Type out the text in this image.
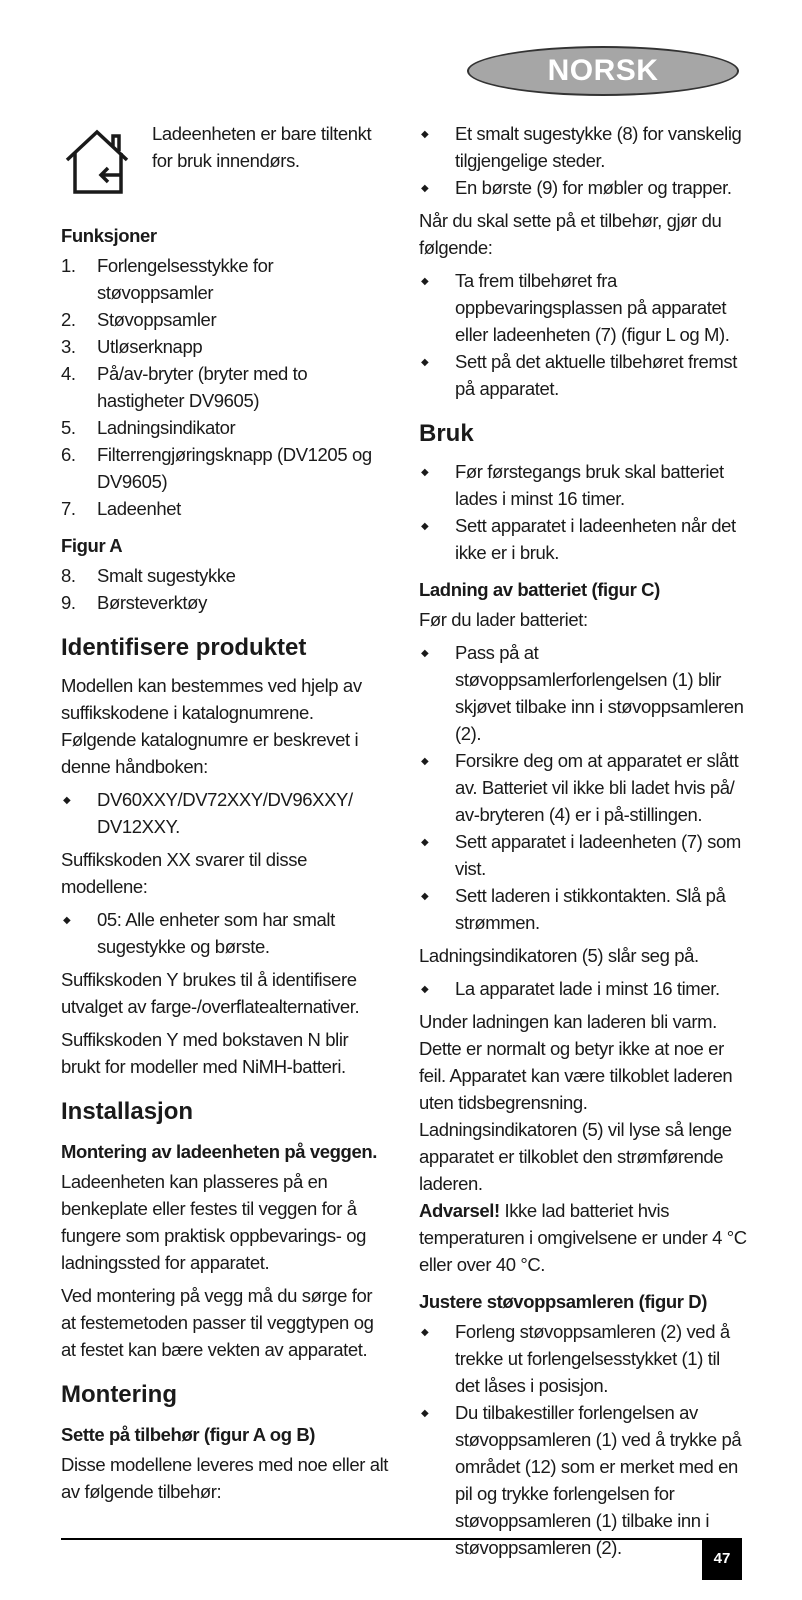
NORSK
Ladeenheten er bare tiltenkt for bruk innendørs.
Funksjoner
1. Forlengelsesstykke for støvoppsamler
2. Støvoppsamler
3. Utløserknapp
4. På/av-bryter (bryter med to hastigheter DV9605)
5. Ladningsindikator
6. Filterrengjøringsknapp (DV1205 og DV9605)
7. Ladeenhet
Figur A
8. Smalt sugestykke
9. Børsteverktøy
Identifisere produktet

Modellen kan bestemmes ved hjelp av suffikskodene i katalognumrene. Følgende katalognumre er beskrevet i denne håndboken:

◆ DV60XXY/DV72XXY/DV96XXY/ DV12XXY.

Suffikskoden XX svarer til disse modellene:

◆ 05: Alle enheter som har smalt sugestykke og børste.

Suffikskoden Y brukes til å identifisere utvalget av farge-/overflatealternativer.

Suffikskoden Y med bokstaven N blir brukt for modeller med NiMH-batteri.

Installasjon
Montering av ladeenheten på veggen.

Ladeenheten kan plasseres på en benkeplate eller festes til veggen for å fungere som praktisk oppbevarings- og ladningssted for apparatet.

Ved montering på vegg må du sørge for at festemetoden passer til veggtypen og at festet kan bære vekten av apparatet.

Montering
Sette på tilbehør (figur A og B)

Disse modellene leveres med noe eller alt av følgende tilbehør:

◆ Et smalt sugestykke (8) for vanskelig tilgjengelige steder.
◆ En børste (9) for møbler og trapper.

Når du skal sette på et tilbehør, gjør du følgende:

◆ Ta frem tilbehøret fra oppbevaringsplassen på apparatet eller ladeenheten (7) (figur L og M).
◆ Sett på det aktuelle tilbehøret fremst på apparatet.
Bruk
◆ Før førstegangs bruk skal batteriet lades i minst 16 timer.
◆ Sett apparatet i ladeenheten når det ikke er i bruk.
Ladning av batteriet (figur C)

Før du lader batteriet:

◆ Pass på at støvoppsamlerforlengelsen (1) blir skjøvet tilbake inn i støvoppsamleren (2).
◆ Forsikre deg om at apparatet er slått av. Batteriet vil ikke bli ladet hvis på/ av-bryteren (4) er i på-stillingen.
◆ Sett apparatet i ladeenheten (7) som vist.
◆ Sett laderen i stikkontakten. Slå på strømmen.

Ladningsindikatoren (5) slår seg på.

◆ La apparatet lade i minst 16 timer.

Under ladningen kan laderen bli varm. Dette er normalt og betyr ikke at noe er feil. Apparatet kan være tilkoblet laderen uten tidsbegrensning.

Ladningsindikatoren (5) vil lyse så lenge apparatet er tilkoblet den strømførende laderen.

Advarsel! Ikke lad batteriet hvis temperaturen i omgivelsene er under 4 °C eller over 40 °C.

Justere støvoppsamleren (figur D)
◆ Forleng støvoppsamleren (2) ved å trekke ut forlengelsesstykket (1) til det låses i posisjon.
◆ Du tilbakestiller forlengelsen av støvoppsamleren (1) ved å trykke på området (12) som er merket med en pil og trykke forlengelsen for støvoppsamleren (1) tilbake inn i støvoppsamleren (2).
47
